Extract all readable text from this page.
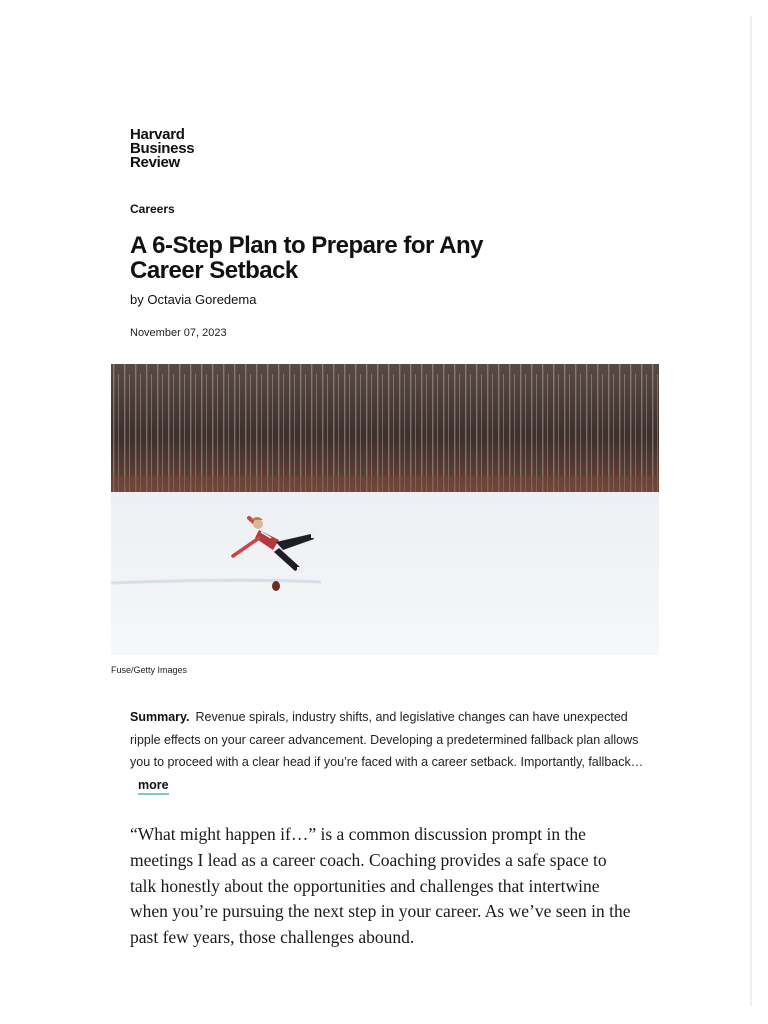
Harvard
Business
Review
Careers
A 6-Step Plan to Prepare for Any Career Setback
by Octavia Goredema
November 07, 2023
Fuse/Getty Images

Summary. Revenue spirals, industry shifts, and legislative changes can have unexpected ripple effects on your career advancement. Developing a predetermined fallback plan allows you to proceed with a clear head if you’re faced with a career setback. Importantly, fallback…more

“What might happen if…” is a common discussion prompt in the meetings I lead as a career coach. Coaching provides a safe space to talk honestly about the opportunities and challenges that intertwine when you’re pursuing the next step in your career. As we’ve seen in the past few years, those challenges abound.
